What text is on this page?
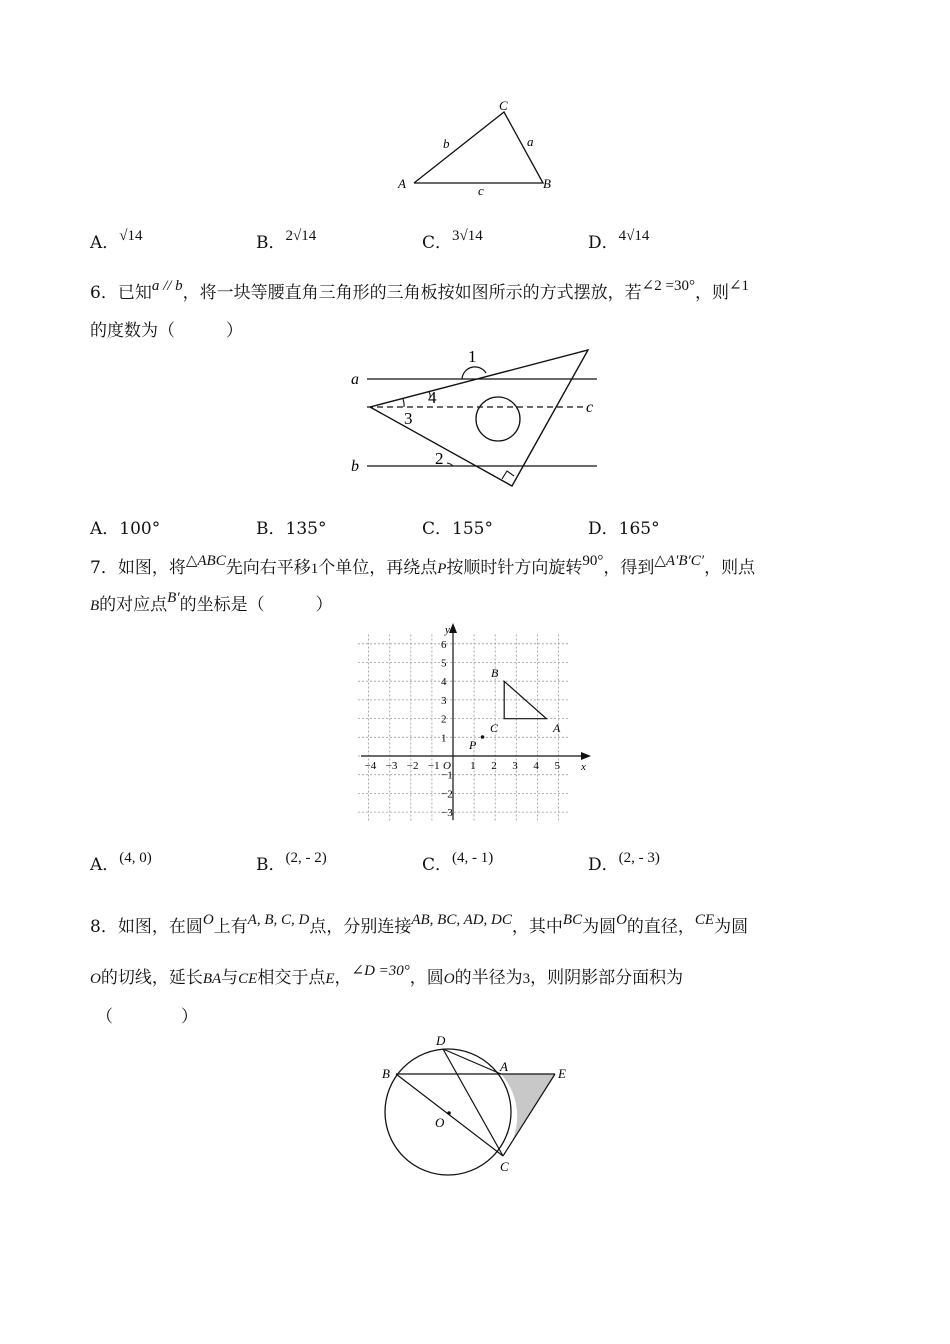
C
A	B
b	a
c
A．√14	B．2√14	C．3√14	D．4√14
6．已知a // b，将一块等腰直角三角形的三角板按如图所示的方式摆放，若∠2 =30°，则∠1
的度数为（　　　）
a
b
c
1
2
3
4
A．100°	B．135°	C．155°	D．165°
7．如图，将△ABC先向右平移1个单位，再绕点P按顺时针方向旋转90°，得到△A′B′C′，则点
B的对应点B′的坐标是（　　　）
−4 −3 −2 −1	1 2 3 4 5
6
5
4
3
2
1
−1
−2
−3
x
y
O
B
C	A
P
A．(4, 0)	B．(2, - 2)	C．(4, - 1)	D．(2, - 3)
8．如图，在圆O上有A, B, C, D点，分别连接AB, BC, AD, DC，其中BC为圆O的直径，CE为圆
O的切线，延长BA与CE相交于点E，∠D =30°，圆O的半径为3，则阴影部分面积为
（　　　　）
D
B	A	E
O
C
